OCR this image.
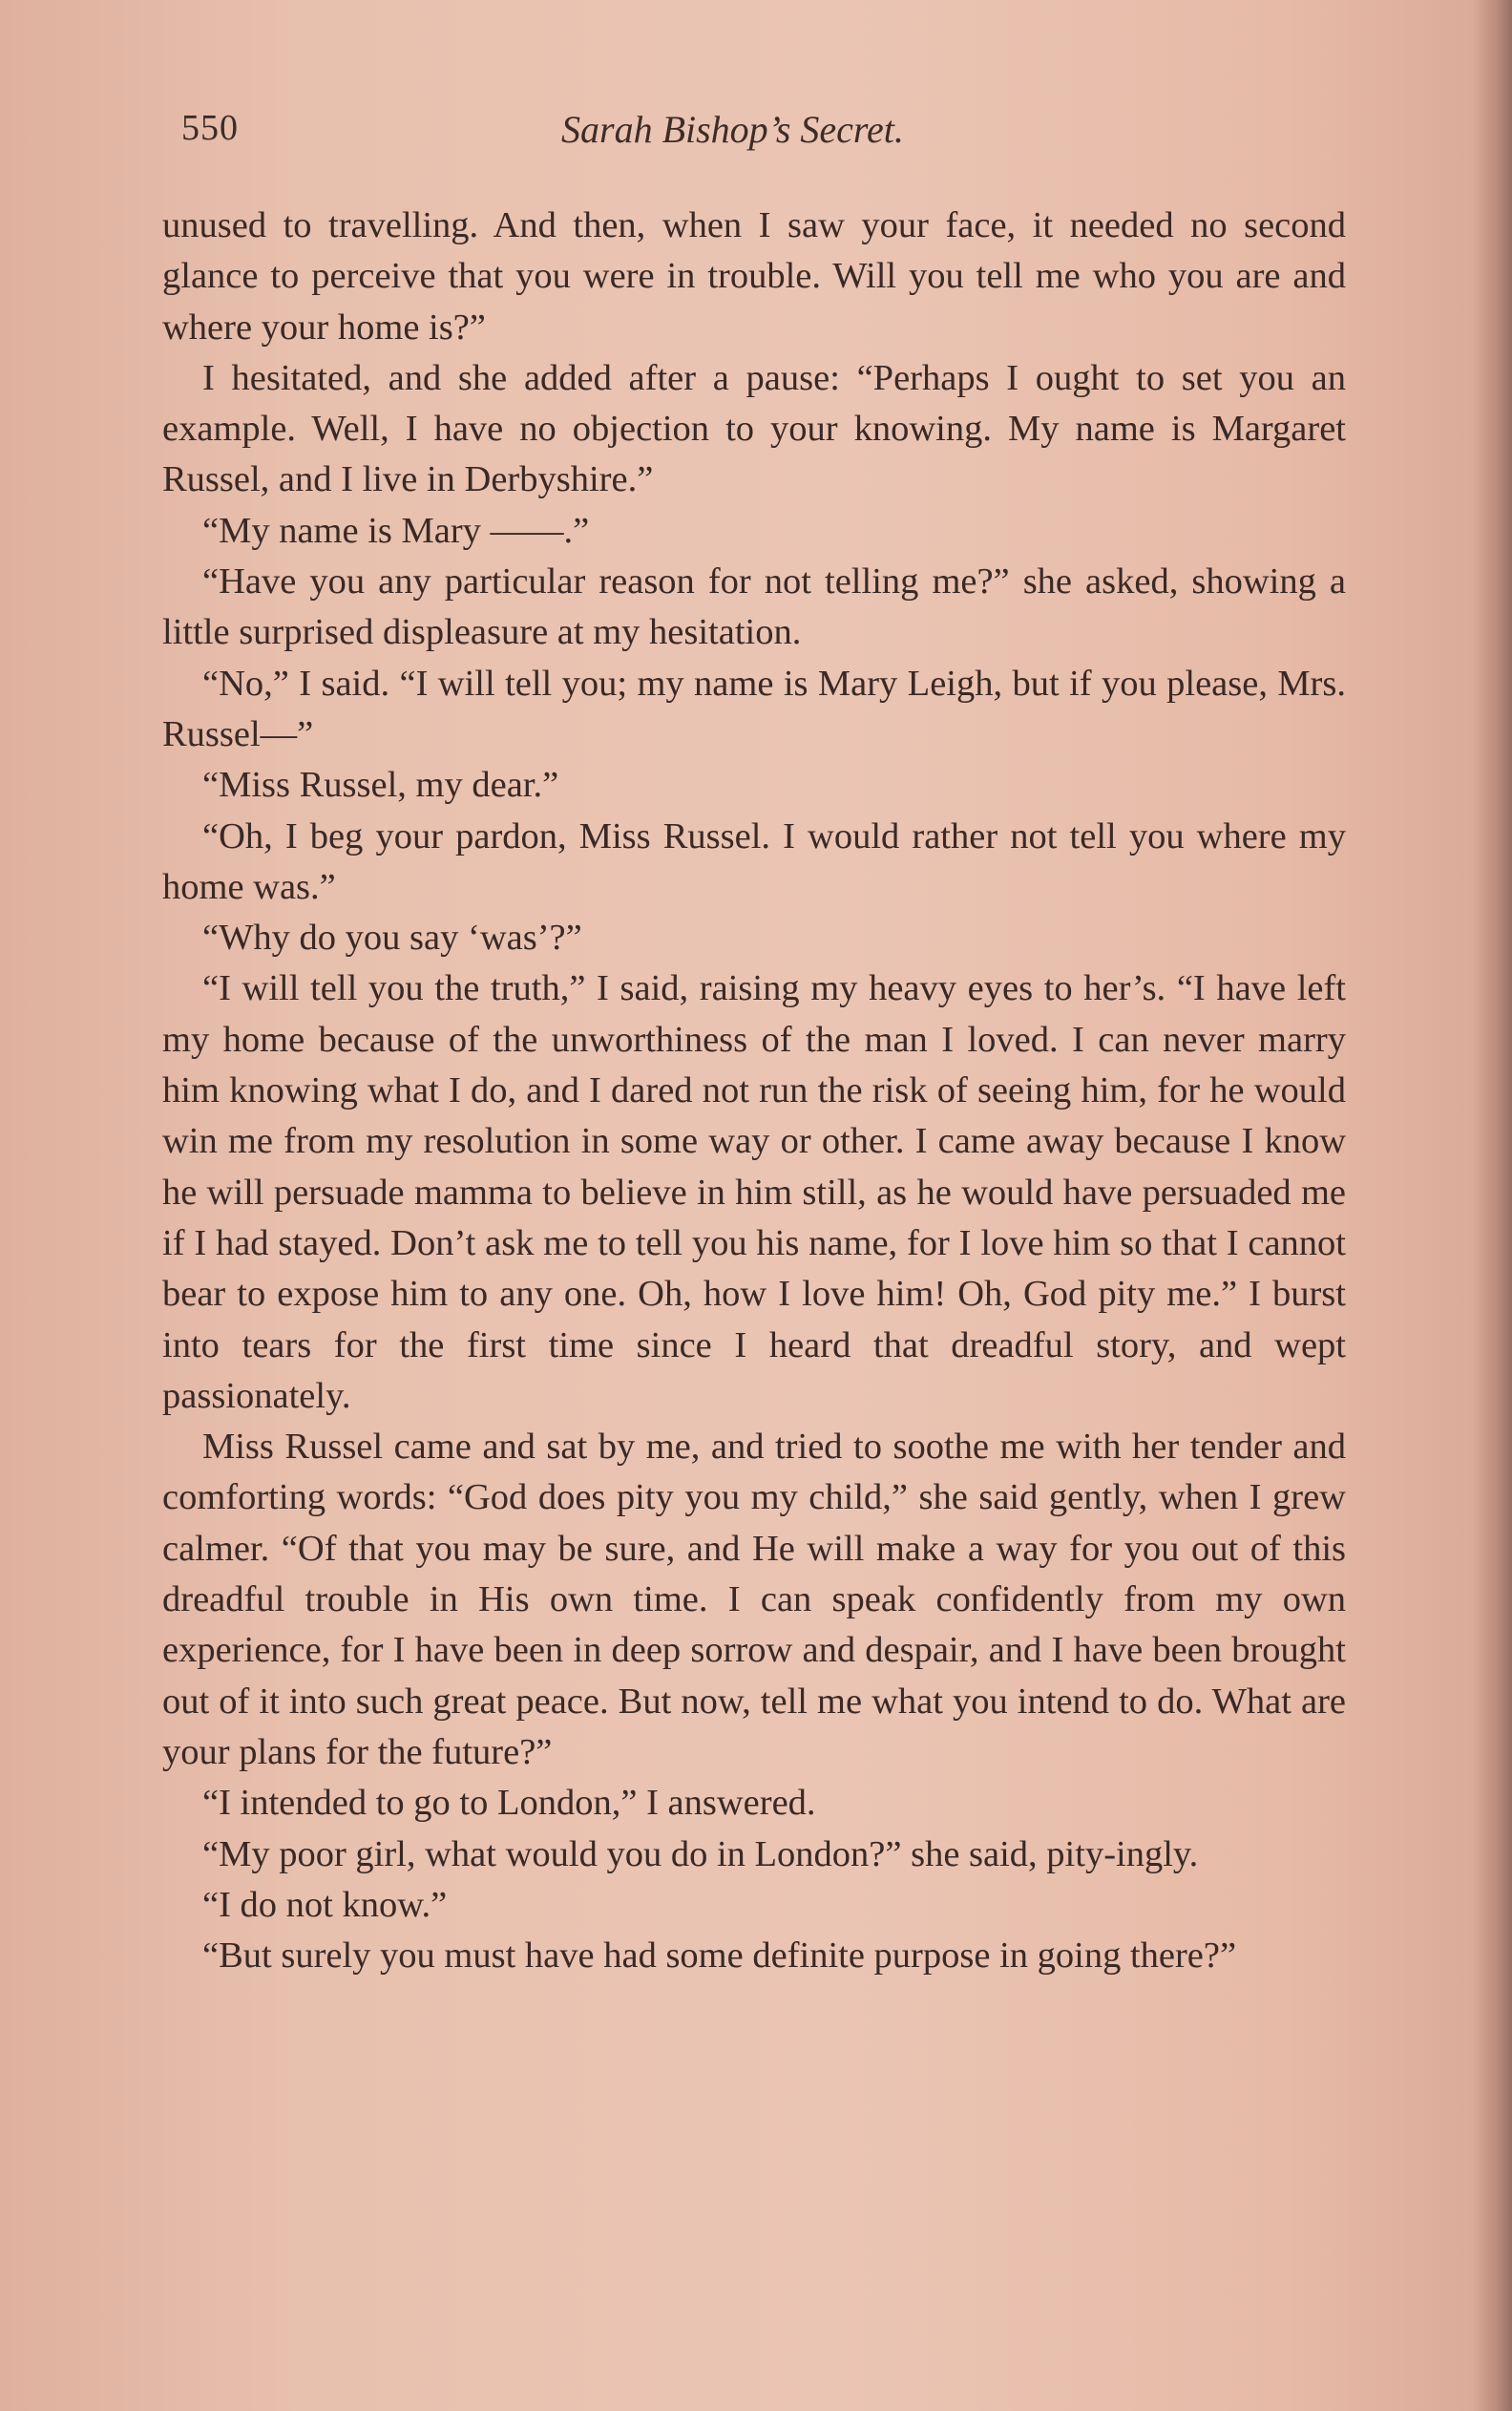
550	Sarah Bishop’s Secret.

unused to travelling. And then, when I saw your face, it needed no second glance to perceive that you were in trouble. Will you tell me who you are and where your home is?”

I hesitated, and she added after a pause: “Perhaps I ought to set you an example. Well, I have no objection to your knowing. My name is Margaret Russel, and I live in Derbyshire.”

“My name is Mary ——.”

“Have you any particular reason for not telling me?” she asked, showing a little surprised displeasure at my hesitation.

“No,” I said. “I will tell you; my name is Mary Leigh, but if you please, Mrs. Russel—”

“Miss Russel, my dear.”

“Oh, I beg your pardon, Miss Russel. I would rather not tell you where my home was.”

“Why do you say ‘was’?”

“I will tell you the truth,” I said, raising my heavy eyes to her’s. “I have left my home because of the unworthiness of the man I loved. I can never marry him knowing what I do, and I dared not run the risk of seeing him, for he would win me from my resolution in some way or other. I came away because I know he will persuade mamma to believe in him still, as he would have persuaded me if I had stayed. Don’t ask me to tell you his name, for I love him so that I cannot bear to expose him to any one. Oh, how I love him! Oh, God pity me.” I burst into tears for the first time since I heard that dreadful story, and wept passionately.

Miss Russel came and sat by me, and tried to soothe me with her tender and comforting words: “God does pity you my child,” she said gently, when I grew calmer. “Of that you may be sure, and He will make a way for you out of this dreadful trouble in His own time. I can speak confidently from my own experience, for I have been in deep sorrow and despair, and I have been brought out of it into such great peace. But now, tell me what you intend to do. What are your plans for the future?”

“I intended to go to London,” I answered.

“My poor girl, what would you do in London?” she said, pity-ingly.

“I do not know.”

“But surely you must have had some definite purpose in going there?”
